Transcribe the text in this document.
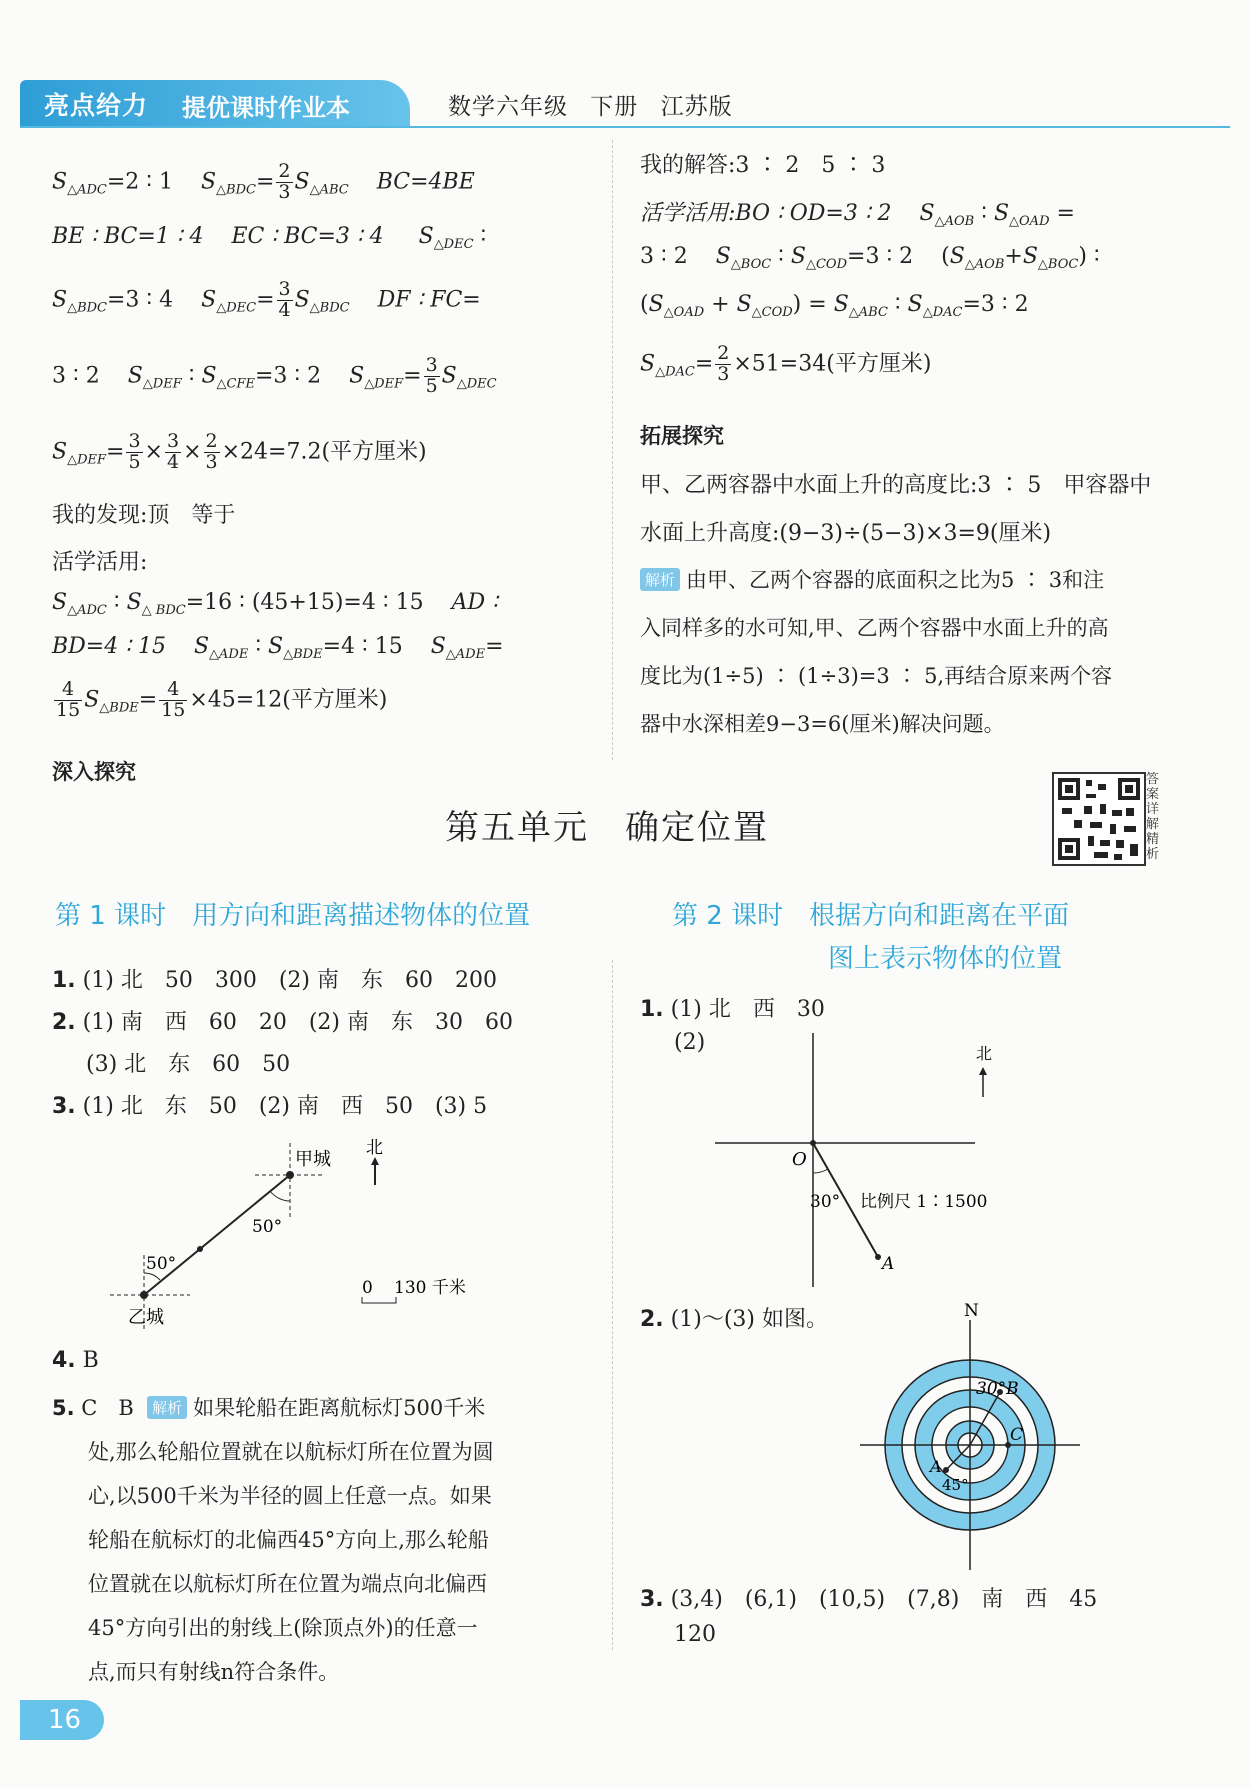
亮点给力 提优课时作业本	数学六年级 下册 江苏版
$S_{\triangle ADC}=2$ ∶ 1 $S_{\triangle BDC}= \frac{2}{3} S_{\triangle ABC}$ BC=4BE
BE ∶ BC=1 ∶ 4 EC ∶ BC=3 ∶ 4 $S_{\triangle DEC}$ ∶
$S_{\triangle BDC}=3$ ∶ 4 $S_{\triangle DEC}= \frac{3}{4} S_{\triangle BDC}$ DF ∶ FC=
3 ∶ 2 $S_{\triangle DEF}$ ∶ $S_{\triangle CFE}=3$ ∶ 2 $S_{\triangle DEF}= \frac{3}{5} S_{\triangle DEC}$
$S_{\triangle DEF}= \frac{3}{5} \times \frac{3}{4} \times \frac{2}{3} \times 24=7.2$(平方厘米)
我的发现:顶　等于
活学活用:
$S_{\triangle ADC}$ ∶ $S_{\triangle BDC}=16$ ∶ (45+15)=4 ∶ 15 AD ∶
BD=4 ∶ 15 $S_{\triangle ADE}$ ∶ $S_{\triangle BDE}=4$ ∶ 15 $S_{\triangle ADE}=$
$\frac{4}{15} S_{\triangle BDE}= \frac{4}{15} \times 45=12$(平方厘米)
深入探究
我的解答:3 ∶ 2　5 ∶ 3
活学活用:BO ∶ OD=3 ∶ 2 $S_{\triangle AOB}$ ∶ $S_{\triangle OAD}$ =
3 ∶ 2 $S_{\triangle BOC}$ ∶ $S_{\triangle COD}=3$ ∶ 2    $(S_{\triangle AOB}+S_{\triangle BOC})$ ∶
$(S_{\triangle OAD} + S_{\triangle COD}) = S_{\triangle ABC}$ ∶ $S_{\triangle DAC}=3$ ∶ 2
$S_{\triangle DAC}= \frac{2}{3} \times 51=34$(平方厘米)
拓展探究
甲、乙两容器中水面上升的高度比:3 ∶ 5　甲容器中
水面上升高度:(9−3)÷(5−3)×3=9(厘米)
解析 由甲、乙两个容器的底面积之比为5 ∶ 3和注
入同样多的水可知,甲、乙两个容器中水面上升的高
度比为(1÷5) ∶ (1÷3)=3 ∶ 5,再结合原来两个容
器中水深相差9−3=6(厘米)解决问题。
第五单元　确定位置
答案详解精析
第 1 课时　用方向和距离描述物体的位置
1. (1) 北　50　300　(2) 南　东　60　200
2. (1) 南　西　60　20　(2) 南　东　30　60
(3) 北　东　60　50
3. (1) 北　东　50　(2) 南　西　50　(3) 5
甲城
乙城
北
50°
50°
0 130 千米
4. B
5. C　B 解析 如果轮船在距离航标灯500千米
处,那么轮船位置就在以航标灯所在位置为圆
心,以500千米为半径的圆上任意一点。如果
轮船在航标灯的北偏西45°方向上,那么轮船
位置就在以航标灯所在位置为端点向北偏西
45°方向引出的射线上(除顶点外)的任意一
点,而只有射线n符合条件。
第 2 课时　根据方向和距离在平面
图上表示物体的位置
1. (1) 北　西　30
(2)	北
O
30° 比例尺 1∶1500
A
2. (1)～(3) 如图。	N
30°B
C
A
45°
3. (3,4)　(6,1)　(10,5)　(7,8)　南　西　45
120
16
